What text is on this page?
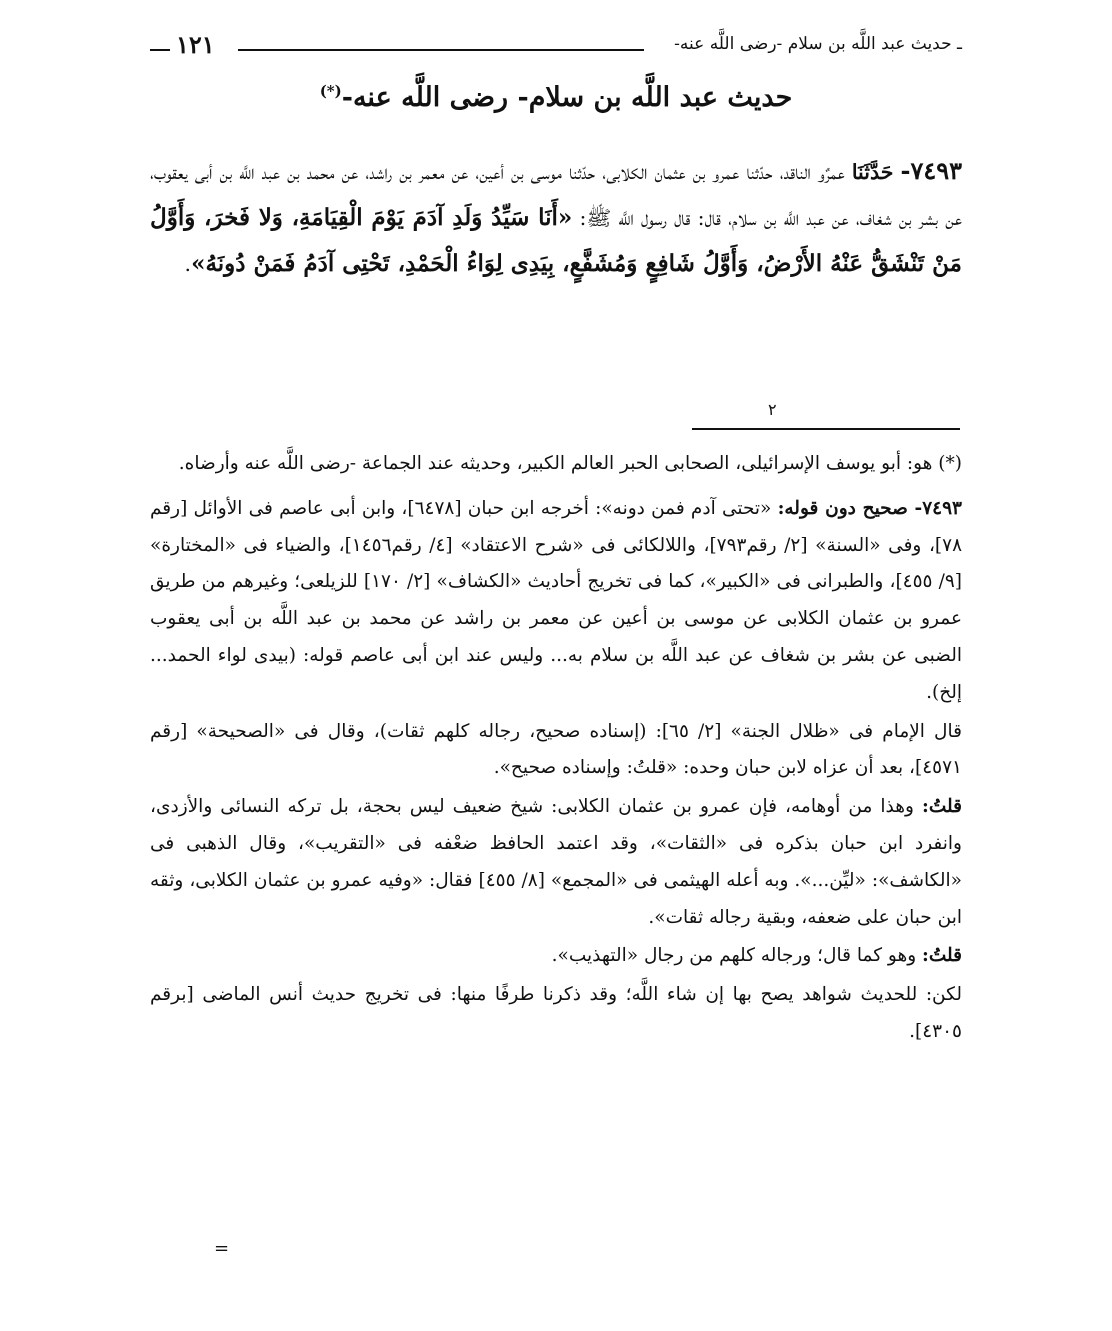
ـ حديث عبد اللَّه بن سلام -رضى اللَّه عنه-
١٢١
حديث عبد اللَّه بن سلام- رضى اللَّه عنه-(*)
٧٤٩٣- حَدَّثَنَا عمرٌو الناقد، حدّثنا عمرو بن عثمان الكلابى، حدّثنا موسى بن أعين، عن معمر بن راشد، عن محمد بن عبد اللَّه بن أبى يعقوب، عن بشر بن شغاف، عن عبد اللَّه بن سلام، قال: قال رسول اللَّه ﷺ: «أَنَا سَيِّدُ وَلَدِ آدَمَ يَوْمَ الْقِيَامَةِ، وَلا فَخرَ، وَأَوَّلُ مَنْ تَنْشَقُّ عَنْهُ الأَرْضُ، وَأَوَّلُ شَافِعٍ وَمُشَفَّعٍ، بِيَدِى لِوَاءُ الْحَمْدِ، تَحْتِى آدَمُ فَمَنْ دُونَهُ».
٢

(*) هو: أبو يوسف الإسرائيلى، الصحابى الحبر العالم الكبير، وحديثه عند الجماعة -رضى اللَّه عنه وأرضاه.

٧٤٩٣- صحيح دون قوله: «تحتى آدم فمن دونه»: أخرجه ابن حبان [٦٤٧٨]، وابن أبى عاصم فى الأوائل [رقم ٧٨]، وفى «السنة» [٢/ رقم٧٩٣]، واللالكائى فى «شرح الاعتقاد» [٤/ رقم١٤٥٦]، والضياء فى «المختارة» [٩/ ٤٥٥]، والطبرانى فى «الكبير»، كما فى تخريج أحاديث «الكشاف» [٢/ ١٧٠] للزيلعى؛ وغيرهم من طريق عمرو بن عثمان الكلابى عن موسى بن أعين عن معمر بن راشد عن محمد بن عبد اللَّه بن أبى يعقوب الضبى عن بشر بن شغاف عن عبد اللَّه بن سلام به... وليس عند ابن أبى عاصم قوله: (بيدى لواء الحمد... إلخ).

قال الإمام فى «ظلال الجنة» [٢/ ٦٥]: (إسناده صحيح، رجاله كلهم ثقات)، وقال فى «الصحيحة» [رقم ٤٥٧١]، بعد أن عزاه لابن حبان وحده: «قلتُ: وإسناده صحيح».

قلتُ: وهذا من أوهامه، فإن عمرو بن عثمان الكلابى: شيخ ضعيف ليس بحجة، بل تركه النسائى والأزدى، وانفرد ابن حبان بذكره فى «الثقات»، وقد اعتمد الحافظ ضعْفه فى «التقريب»، وقال الذهبى فى «الكاشف»: «ليِّن...». وبه أعله الهيثمى فى «المجمع» [٨/ ٤٥٥] فقال: «وفيه عمرو بن عثمان الكلابى، وثقه ابن حبان على ضعفه، وبقية رجاله ثقات».

قلتُ: وهو كما قال؛ ورجاله كلهم من رجال «التهذيب».

لكن: للحديث شواهد يصح بها إن شاء اللَّه؛ وقد ذكرنا طرفًا منها: فى تخريج حديث أنس الماضى [برقم ٤٣٠٥].

=
